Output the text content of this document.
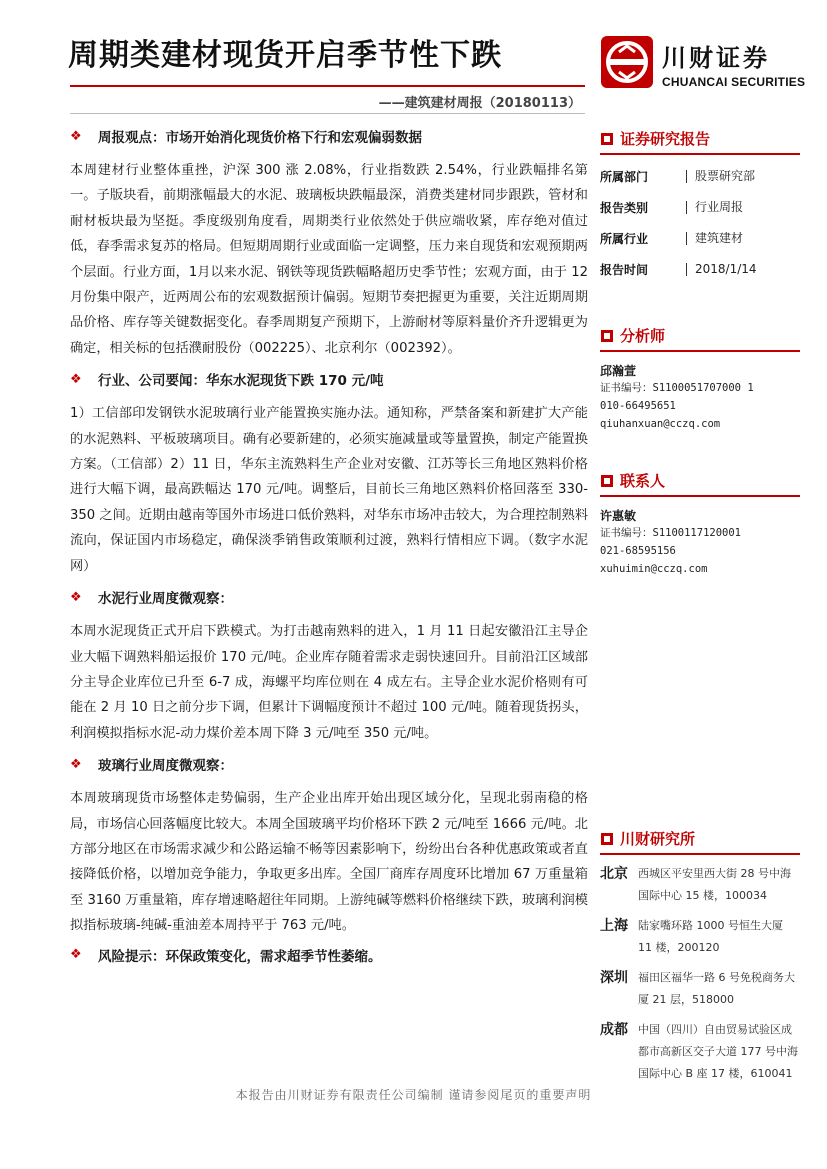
周期类建材现货开启季节性下跌
——建筑建材周报（20180113）
川财证券
CHUANCAI SECURITIES
❖	周报观点：市场开始消化现货价格下行和宏观偏弱数据

本周建材行业整体重挫，沪深 300 涨 2.08%，行业指数跌 2.54%，行业跌幅排名第一。子版块看，前期涨幅最大的水泥、玻璃板块跌幅最深，消费类建材同步跟跌，管材和耐材板块最为坚挺。季度级别角度看，周期类行业依然处于供应端收紧，库存绝对值过低，春季需求复苏的格局。但短期周期行业或面临一定调整，压力来自现货和宏观预期两个层面。行业方面，1月以来水泥、钢铁等现货跌幅略超历史季节性；宏观方面，由于 12 月份集中限产，近两周公布的宏观数据预计偏弱。短期节奏把握更为重要，关注近期周期品价格、库存等关键数据变化。春季周期复产预期下，上游耐材等原料量价齐升逻辑更为确定，相关标的包括濮耐股份（002225）、北京利尔（002392）。

❖	行业、公司要闻：华东水泥现货下跌 170 元/吨

1）工信部印发钢铁水泥玻璃行业产能置换实施办法。通知称，严禁备案和新建扩大产能的水泥熟料、平板玻璃项目。确有必要新建的，必须实施减量或等量置换，制定产能置换方案。（工信部）2）11 日，华东主流熟料生产企业对安徽、江苏等长三角地区熟料价格进行大幅下调，最高跌幅达 170 元/吨。调整后，目前长三角地区熟料价格回落至 330-350 之间。近期由越南等国外市场进口低价熟料，对华东市场冲击较大，为合理控制熟料流向，保证国内市场稳定，确保淡季销售政策顺利过渡，熟料行情相应下调。（数字水泥网）

❖	水泥行业周度微观察：

本周水泥现货正式开启下跌模式。为打击越南熟料的进入，1 月 11 日起安徽沿江主导企业大幅下调熟料船运报价 170 元/吨。企业库存随着需求走弱快速回升。目前沿江区域部分主导企业库位已升至 6-7 成，海螺平均库位则在 4 成左右。主导企业水泥价格则有可能在 2 月 10 日之前分步下调，但累计下调幅度预计不超过 100 元/吨。随着现货拐头，利润模拟指标水泥-动力煤价差本周下降 3 元/吨至 350 元/吨。

❖	玻璃行业周度微观察：

本周玻璃现货市场整体走势偏弱，生产企业出库开始出现区域分化，呈现北弱南稳的格局，市场信心回落幅度比较大。本周全国玻璃平均价格环下跌 2 元/吨至 1666 元/吨。北方部分地区在市场需求减少和公路运输不畅等因素影响下，纷纷出台各种优惠政策或者直接降低价格，以增加竞争能力，争取更多出库。全国厂商库存周度环比增加 67 万重量箱至 3160 万重量箱，库存增速略超往年同期。上游纯碱等燃料价格继续下跌，玻璃利润模拟指标玻璃-纯碱-重油差本周持平于 763 元/吨。

❖	风险提示：环保政策变化，需求超季节性萎缩。
证券研究报告
所属部门	股票研究部
报告类别	行业周报
所属行业	建筑建材
报告时间	2018/1/14
分析师
邱瀚萱
证书编号：S1100051707000 1
010-66495651
qiuhanxuan@cczq.com
联系人
许惠敏
证书编号：S1100117120001
021-68595156
xuhuimin@cczq.com
川财研究所
北京 西城区平安里西大街 28 号中海国际中心 15 楼，100034
上海 陆家嘴环路 1000 号恒生大厦 11 楼，200120
深圳 福田区福华一路 6 号免税商务大厦 21 层，518000
成都 中国（四川）自由贸易试验区成都市高新区交子大道 177 号中海国际中心 B 座 17 楼，610041
本报告由川财证券有限责任公司编制 谨请参阅尾页的重要声明
